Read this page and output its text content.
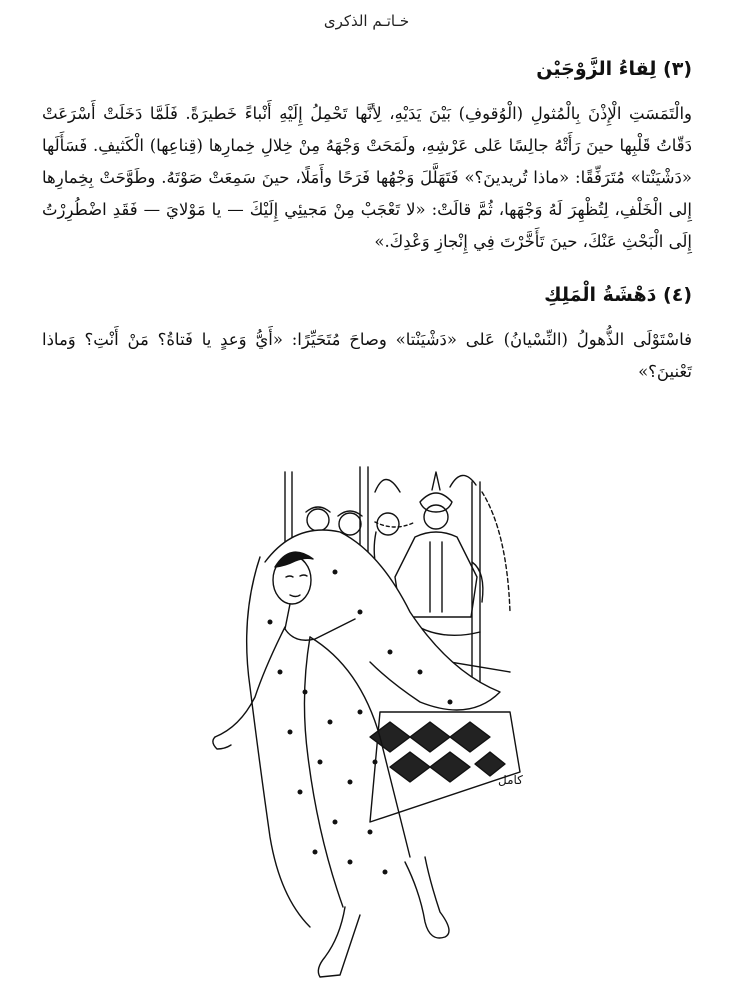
خـاتـم الذكرى
(٣) لِقاءُ الزَّوْجَيْن

والْتَمَسَتِ الْإِذْنَ بِالْمُثولِ (الْوُقوفِ) بَيْنَ يَدَيْهِ، لِأنَّها تَحْمِلُ إِلَيْهِ أَنْباءً خَطيرَةً. فَلَمَّا دَخَلَتْ أَسْرَعَتْ دَقّاتُ قَلْبِها حينَ رَأَتْهُ جالِسًا عَلى عَرْشِهِ، ولَمَحَتْ وَجْهَهُ مِنْ خِلالِ خِمارِها (قِناعِها) الْكَثيفِ. فَسَأَلَها «دَشْيَنْتا» مُتَرَفِّقًا: «ماذا تُريدينَ؟» فَتَهَلَّلَ وَجْهُها فَرَحًا وأَمَلًا، حينَ سَمِعَتْ صَوْتَهُ. وطَوَّحَتْ بِخِمارِها إِلى الْخَلْفِ، لِتُظْهِرَ لَهُ وَجْهَها، ثُمَّ قالَتْ: «لا تَعْجَبْ مِنْ مَجيئِي إِلَيْكَ — يا مَوْلايَ — فَقَدِ اضْطُرِرْتُ إِلَى الْبَحْثِ عَنْكَ، حينَ تَأَخَّرْتَ فِي إِنْجازِ وَعْدِكَ.»

(٤) دَهْشَةُ الْمَلِكِ

فاسْتَوْلَى الذُّهولُ (النِّسْيانُ) عَلى «دَشْيَنْتا» وصاحَ مُتَحَيِّرًا: «أَيُّ وَعدٍ يا فَتاةُ؟ مَنْ أَنْتِ؟ وَماذا تَعْنينَ؟»

كامل
